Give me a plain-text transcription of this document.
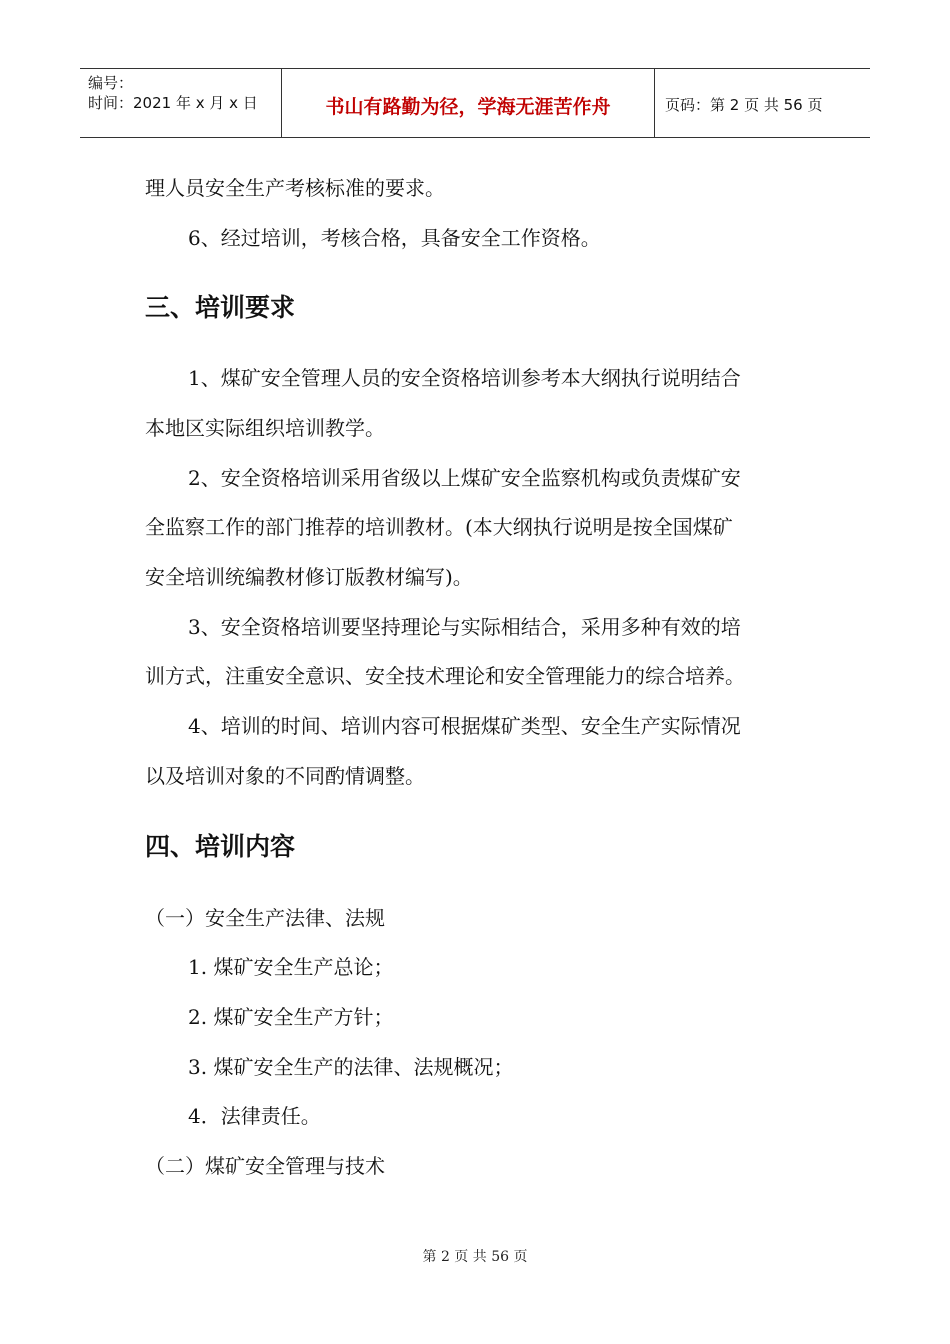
编号：
时间：2021 年 x 月 x 日	书山有路勤为径，学海无涯苦作舟	页码：第 2 页 共 56 页
理人员安全生产考核标准的要求。
6、经过培训，考核合格，具备安全工作资格。
三、培训要求
1、煤矿安全管理人员的安全资格培训参考本大纲执行说明结合
本地区实际组织培训教学。
2、安全资格培训采用省级以上煤矿安全监察机构或负责煤矿安
全监察工作的部门推荐的培训教材。(本大纲执行说明是按全国煤矿
安全培训统编教材修订版教材编写)。
3、安全资格培训要坚持理论与实际相结合，采用多种有效的培
训方式，注重安全意识、安全技术理论和安全管理能力的综合培养。
4、培训的时间、培训内容可根据煤矿类型、安全生产实际情况
以及培训对象的不同酌情调整。
四、培训内容
（一）安全生产法律、法规
1. 煤矿安全生产总论；
2. 煤矿安全生产方针；
3. 煤矿安全生产的法律、法规概况；
4．法律责任。
（二）煤矿安全管理与技术
第 2 页 共 56 页
